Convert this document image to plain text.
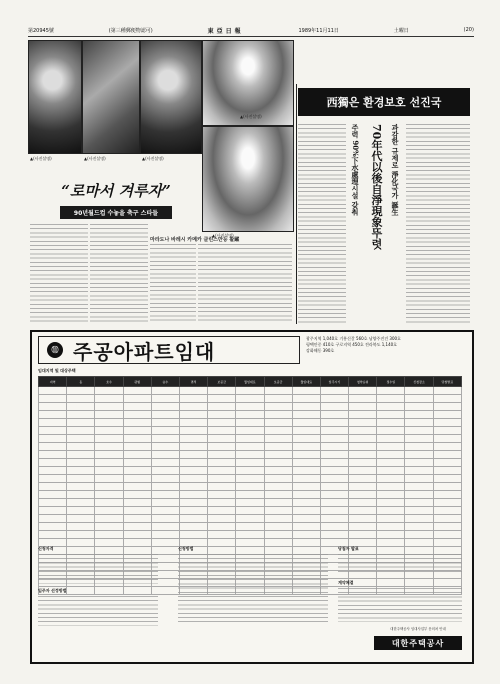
第20945號	(第三種郵便物認可)	東亞日報	1989年11月11日	土曜日	(20)
▲(사진설명)	▲(사진설명)	▲(사진설명)
▲(사진설명)
▲(사진설명)
“로마서 겨루자”
90년월드컵 수놓을 축구 스타들
마라도나 바레시 카메카 클린스만등 활躍
西獨은 환경보호 선진국
70年代以後自淨現象뚜렷
주력 90%下水處理시설 갖춰	과감한 규제로 淨化국가 誕生
⑪ 주공아파트임대
광주지역 1,040호 기흥신갈 560호 남양주진건 300호
평택안중 410호 구로지역 450호 전라북도 1,140호
강화해동 390호
임대지역 및 대상주택
지역	동	호수	평형	층수	면적	보증금	월임대료	보증금	월임대료	입주시기	청약순위	접수일	신청장소	당첨발표

신청자격
입주자 선정방법
신청방법	당첨자 발표
계약체결
대한주택공사 임대사업부 문의처 안내
대한주택공사
